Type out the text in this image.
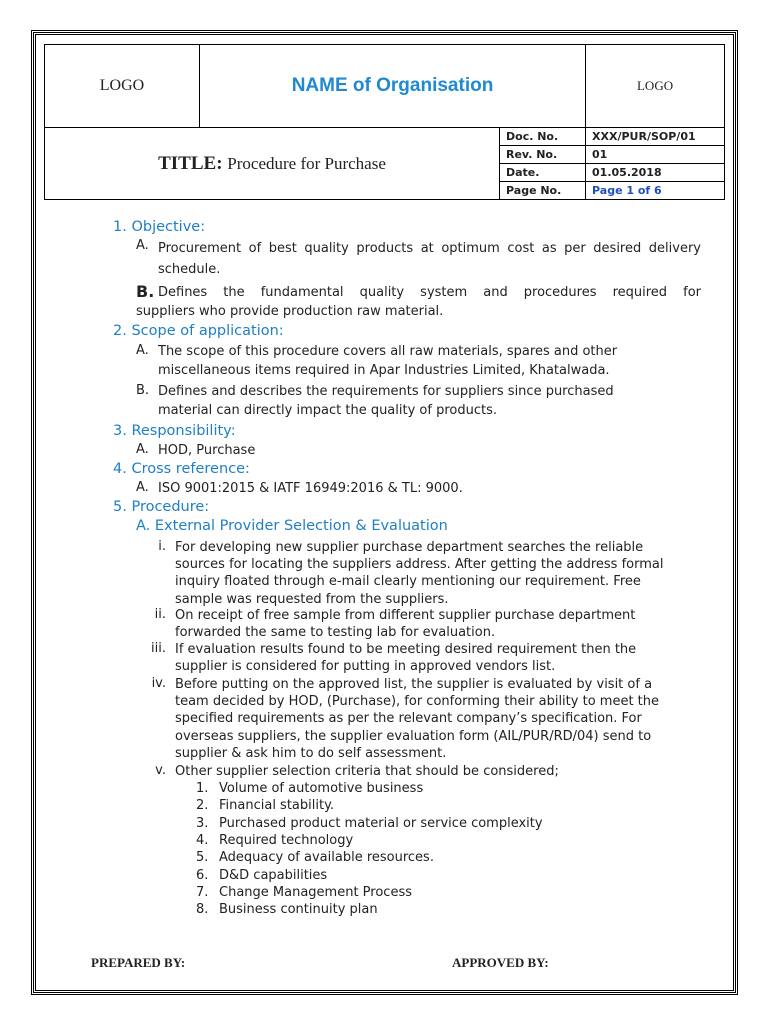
LOGO	NAME of Organisation		LOGO
TITLE: Procedure for Purchase		Doc. No.	XXX/PUR/SOP/01
		Rev. No.	01
		Date.	01.05.2018
		Page No.	Page 1 of 6
1. Objective:
A. Procurement of best quality products at optimum cost as per desired delivery schedule.
B. Defines the fundamental quality system and procedures required for
suppliers who provide production raw material.
2. Scope of application:
A. The scope of this procedure covers all raw materials, spares and other
miscellaneous items required in Apar Industries Limited, Khatalwada.
B. Defines and describes the requirements for suppliers since purchased
material can directly impact the quality of products.
3. Responsibility:
A. HOD, Purchase
4. Cross reference:
A. ISO 9001:2015 & IATF 16949:2016 & TL: 9000.
5. Procedure:
A. External Provider Selection & Evaluation
i. For developing new supplier purchase department searches the reliable
sources for locating the suppliers address. After getting the address formal
inquiry floated through e-mail clearly mentioning our requirement. Free
sample was requested from the suppliers.
ii. On receipt of free sample from different supplier purchase department
forwarded the same to testing lab for evaluation.
iii. If evaluation results found to be meeting desired requirement then the
supplier is considered for putting in approved vendors list.
iv. Before putting on the approved list, the supplier is evaluated by visit of a
team decided by HOD, (Purchase), for conforming their ability to meet the
specified requirements as per the relevant company’s specification. For
overseas suppliers, the supplier evaluation form (AIL/PUR/RD/04) send to
supplier & ask him to do self assessment.
v. Other supplier selection criteria that should be considered;
1. Volume of automotive business
2. Financial stability.
3. Purchased product material or service complexity
4. Required technology
5. Adequacy of available resources.
6. D&D capabilities
7. Change Management Process
8. Business continuity plan
PREPARED BY:	APPROVED BY:
